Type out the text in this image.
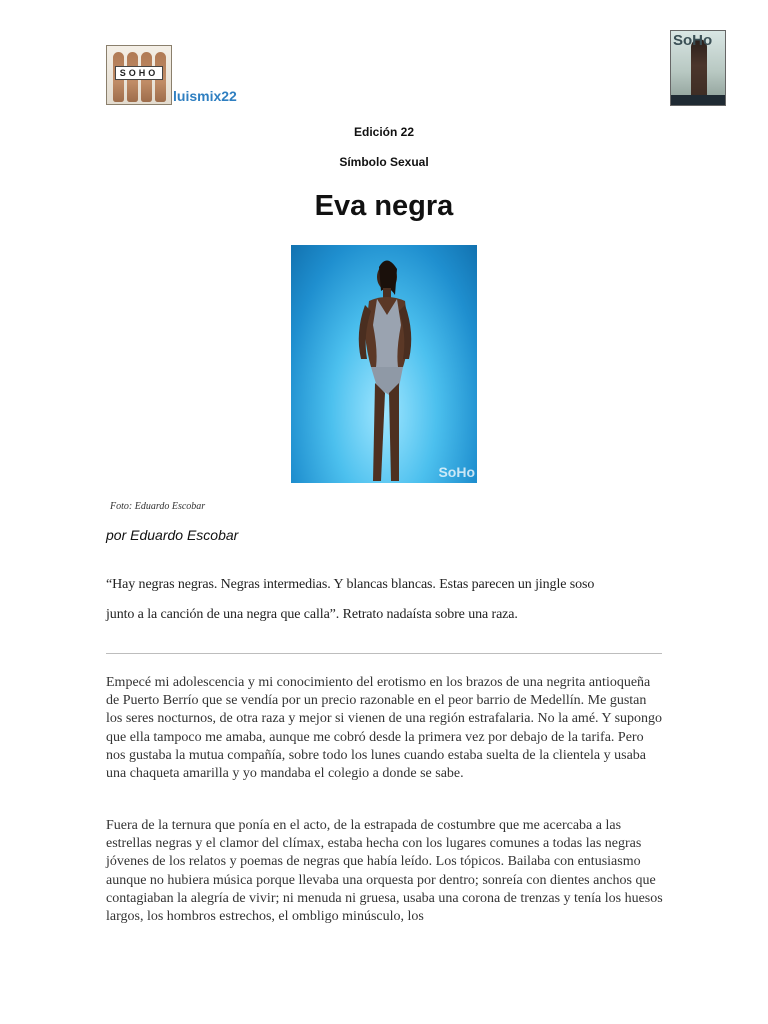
SOHO
luismix22
SoHo
Edición 22
Símbolo Sexual
Eva negra
SoHo
Foto: Eduardo Escobar
por Eduardo Escobar
“Hay negras negras. Negras intermedias. Y blancas blancas. Estas parecen un jingle soso
junto a la canción de una negra que calla”. Retrato nadaísta sobre una raza.
Empecé mi adolescencia y mi conocimiento del erotismo en los brazos de una negrita antioqueña de Puerto Berrío que se vendía por un precio razonable en el peor barrio de Medellín. Me gustan los seres nocturnos, de otra raza y mejor si vienen de una región estrafalaria. No la amé. Y supongo que ella tampoco me amaba, aunque me cobró desde la primera vez por debajo de la tarifa. Pero nos gustaba la mutua compañía, sobre todo los lunes cuando estaba suelta de la clientela y usaba una chaqueta amarilla y yo mandaba el colegio a donde se sabe.
Fuera de la ternura que ponía en el acto, de la estrapada de costumbre que me acercaba a las estrellas negras y el clamor del clímax, estaba hecha con los lugares comunes a todas las negras jóvenes de los relatos y poemas de negras que había leído. Los tópicos. Bailaba con entusiasmo aunque no hubiera música porque llevaba una orquesta por dentro; sonreía con dientes anchos que contagiaban la alegría de vivir; ni menuda ni gruesa, usaba una corona de trenzas y tenía los huesos largos, los hombros estrechos, el ombligo minúsculo, los
